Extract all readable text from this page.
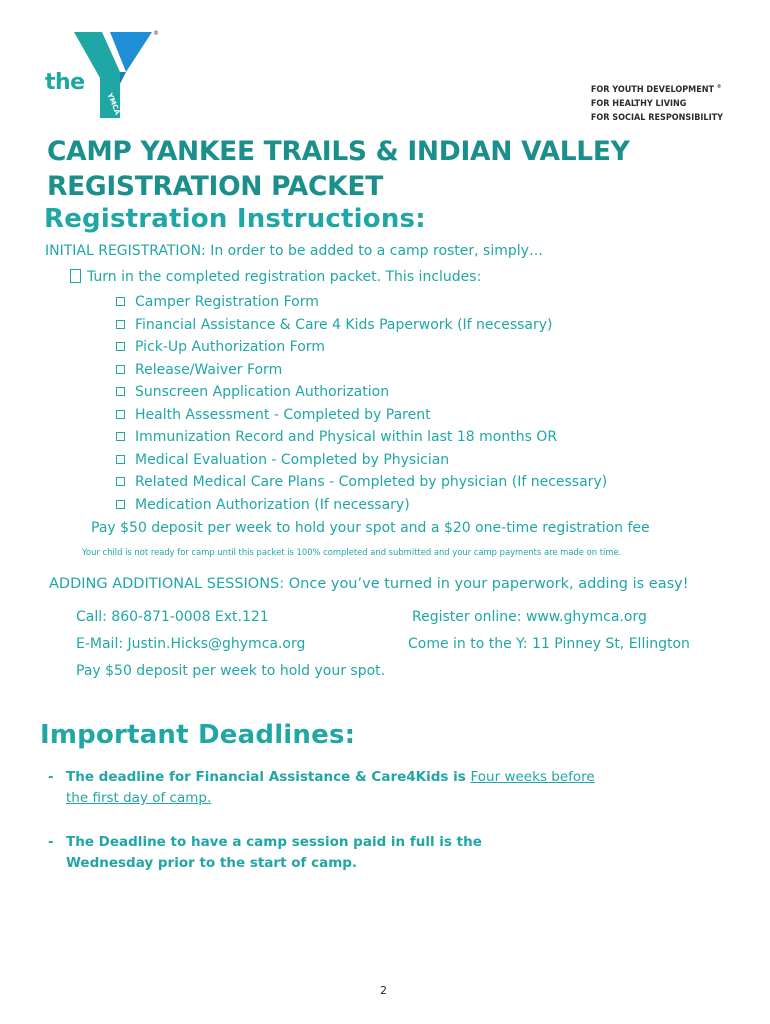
the
YMCA
®
FOR YOUTH DEVELOPMENT ®
FOR HEALTHY LIVING
FOR SOCIAL RESPONSIBILITY
CAMP YANKEE TRAILS & INDIAN VALLEY
REGISTRATION PACKET
Registration Instructions:
INITIAL REGISTRATION: In order to be added to a camp roster, simply…
Turn in the completed registration packet. This includes:
Camper Registration Form
Financial Assistance & Care 4 Kids Paperwork (If necessary)
Pick-Up Authorization Form
Release/Waiver Form
Sunscreen Application Authorization
Health Assessment - Completed by Parent
Immunization Record and Physical within last 18 months OR
Medical Evaluation - Completed by Physician
Related Medical Care Plans - Completed by physician (If necessary)
Medication Authorization (If necessary)
Pay $50 deposit per week to hold your spot and a $20 one-time registration fee
Your child is not ready for camp until this packet is 100% completed and submitted and your camp payments are made on time.
ADDING ADDITIONAL SESSIONS: Once you’ve turned in your paperwork, adding is easy!
Call: 860-871-0008 Ext.121	Register online: www.ghymca.org
E-Mail: Justin.Hicks@ghymca.org	Come in to the Y: 11 Pinney St, Ellington
Pay $50 deposit per week to hold your spot.
Important Deadlines:
- The deadline for Financial Assistance & Care4Kids is Four weeks before
the first day of camp.
- The Deadline to have a camp session paid in full is the
Wednesday prior to the start of camp.
2
